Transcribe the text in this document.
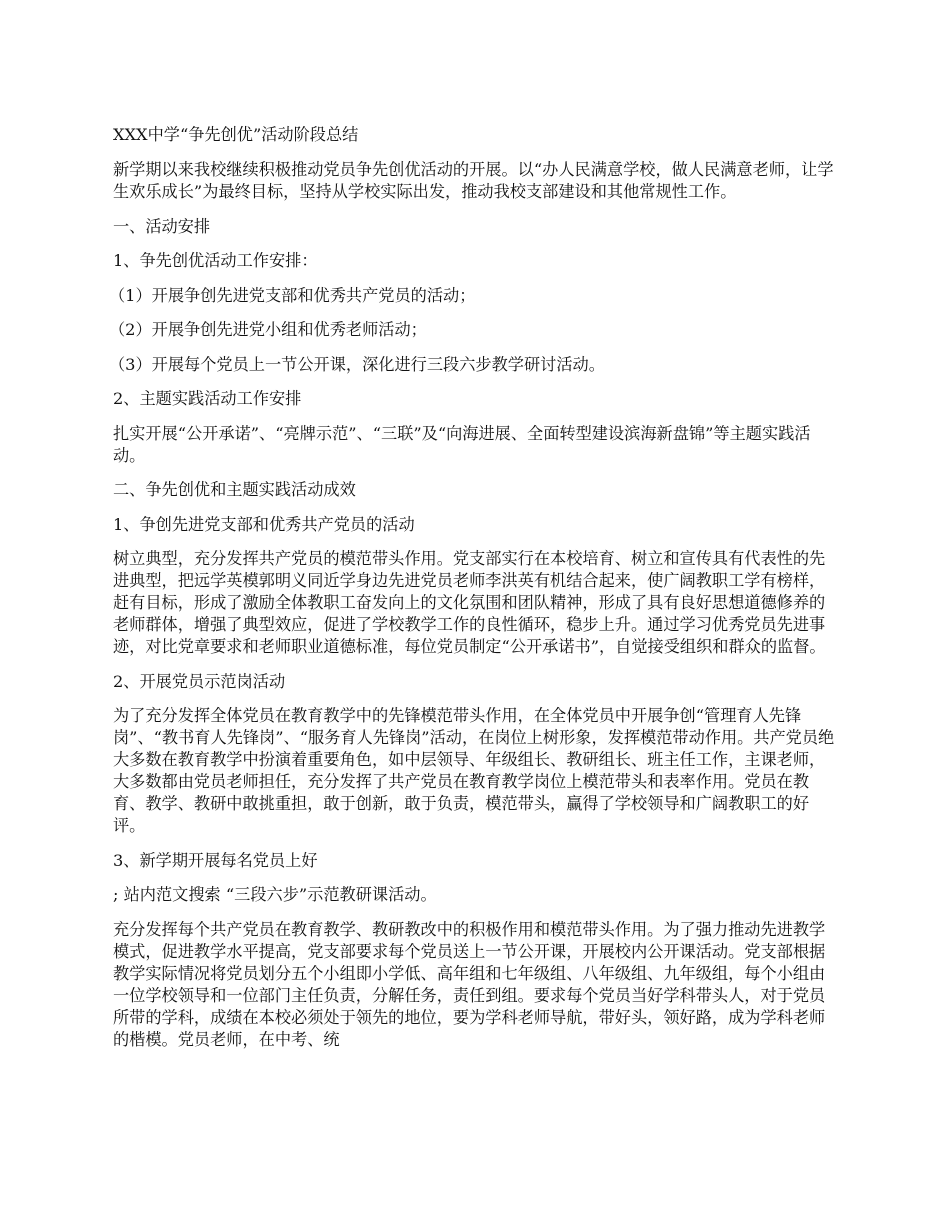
XXX中学“争先创优”活动阶段总结

新学期以来我校继续积极推动党员争先创优活动的开展。以“办人民满意学校，做人民满意老师，让学生欢乐成长”为最终目标，坚持从学校实际出发，推动我校支部建设和其他常规性工作。

一、活动安排

1、争先创优活动工作安排：

（1）开展争创先进党支部和优秀共产党员的活动；

（2）开展争创先进党小组和优秀老师活动；

（3）开展每个党员上一节公开课，深化进行三段六步教学研讨活动。

2、主题实践活动工作安排

扎实开展“公开承诺”、“亮牌示范”、“三联”及“向海进展、全面转型建设滨海新盘锦”等主题实践活动。

二、争先创优和主题实践活动成效

1、争创先进党支部和优秀共产党员的活动

树立典型，充分发挥共产党员的模范带头作用。党支部实行在本校培育、树立和宣传具有代表性的先进典型，把远学英模郭明义同近学身边先进党员老师李洪英有机结合起来，使广阔教职工学有榜样，赶有目标，形成了激励全体教职工奋发向上的文化氛围和团队精神，形成了具有良好思想道德修养的老师群体，增强了典型效应，促进了学校教学工作的良性循环，稳步上升。通过学习优秀党员先进事迹，对比党章要求和老师职业道德标准，每位党员制定“公开承诺书”，自觉接受组织和群众的监督。

2、开展党员示范岗活动

为了充分发挥全体党员在教育教学中的先锋模范带头作用，在全体党员中开展争创“管理育人先锋岗”、“教书育人先锋岗”、“服务育人先锋岗”活动，在岗位上树形象，发挥模范带动作用。共产党员绝大多数在教育教学中扮演着重要角色，如中层领导、年级组长、教研组长、班主任工作，主课老师，大多数都由党员老师担任，充分发挥了共产党员在教育教学岗位上模范带头和表率作用。党员在教育、教学、教研中敢挑重担，敢于创新，敢于负责，模范带头，赢得了学校领导和广阔教职工的好评。

3、新学期开展每名党员上好

; 站内范文搜索 “三段六步”示范教研课活动。

充分发挥每个共产党员在教育教学、教研教改中的积极作用和模范带头作用。为了强力推动先进教学模式，促进教学水平提高，党支部要求每个党员送上一节公开课，开展校内公开课活动。党支部根据教学实际情况将党员划分五个小组即小学低、高年组和七年级组、八年级组、九年级组，每个小组由一位学校领导和一位部门主任负责，分解任务，责任到组。要求每个党员当好学科带头人，对于党员所带的学科，成绩在本校必须处于领先的地位，要为学科老师导航，带好头，领好路，成为学科老师的楷模。党员老师，在中考、统
